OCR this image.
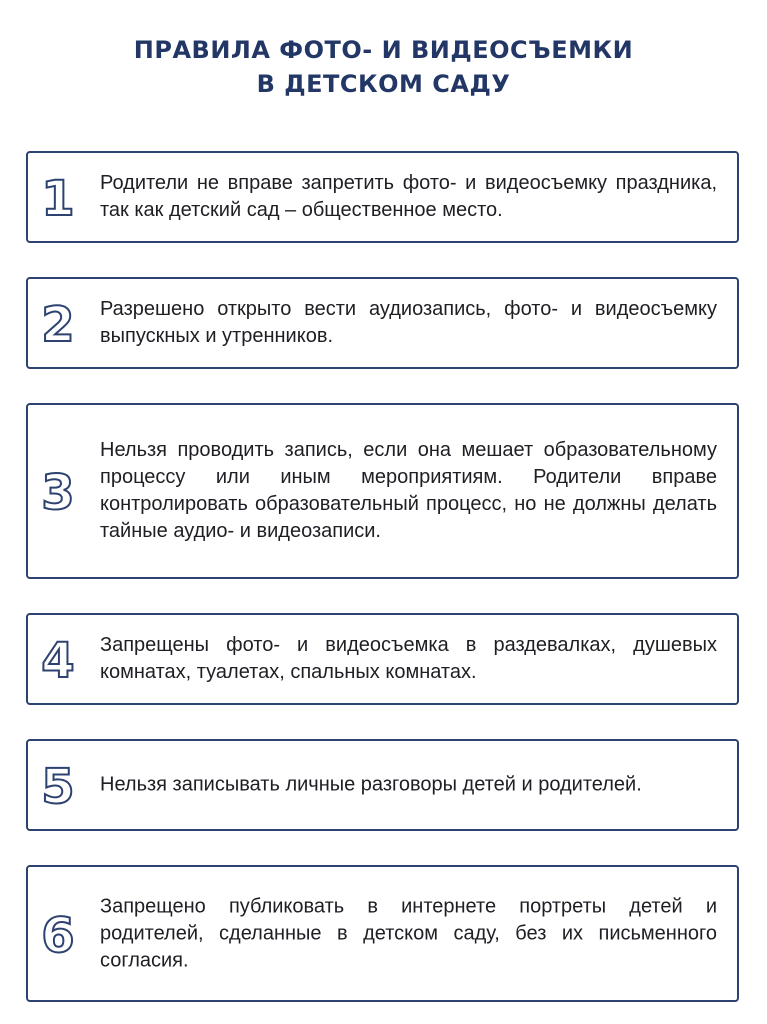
ПРАВИЛА ФОТО- И ВИДЕОСЪЕМКИ
В ДЕТСКОМ САДУ
1 Родители не вправе запретить фото- и видеосъемку праздника, так как детский сад – общественное место.
2 Разрешено открыто вести аудиозапись, фото- и видеосъемку выпускных и утренников.
3
Нельзя проводить запись, если она мешает образовательному процессу или иным мероприятиям. Родители вправе контролировать образовательный процесс, но не должны делать тайные аудио- и видеозаписи.
4 Запрещены фото- и видеосъемка в раздевалках, душевых комнатах, туалетах, спальных комнатах.
5 Нельзя записывать личные разговоры детей и родителей.
6
Запрещено публиковать в интернете портреты детей и родителей, сделанные в детском саду, без их письменного согласия.
